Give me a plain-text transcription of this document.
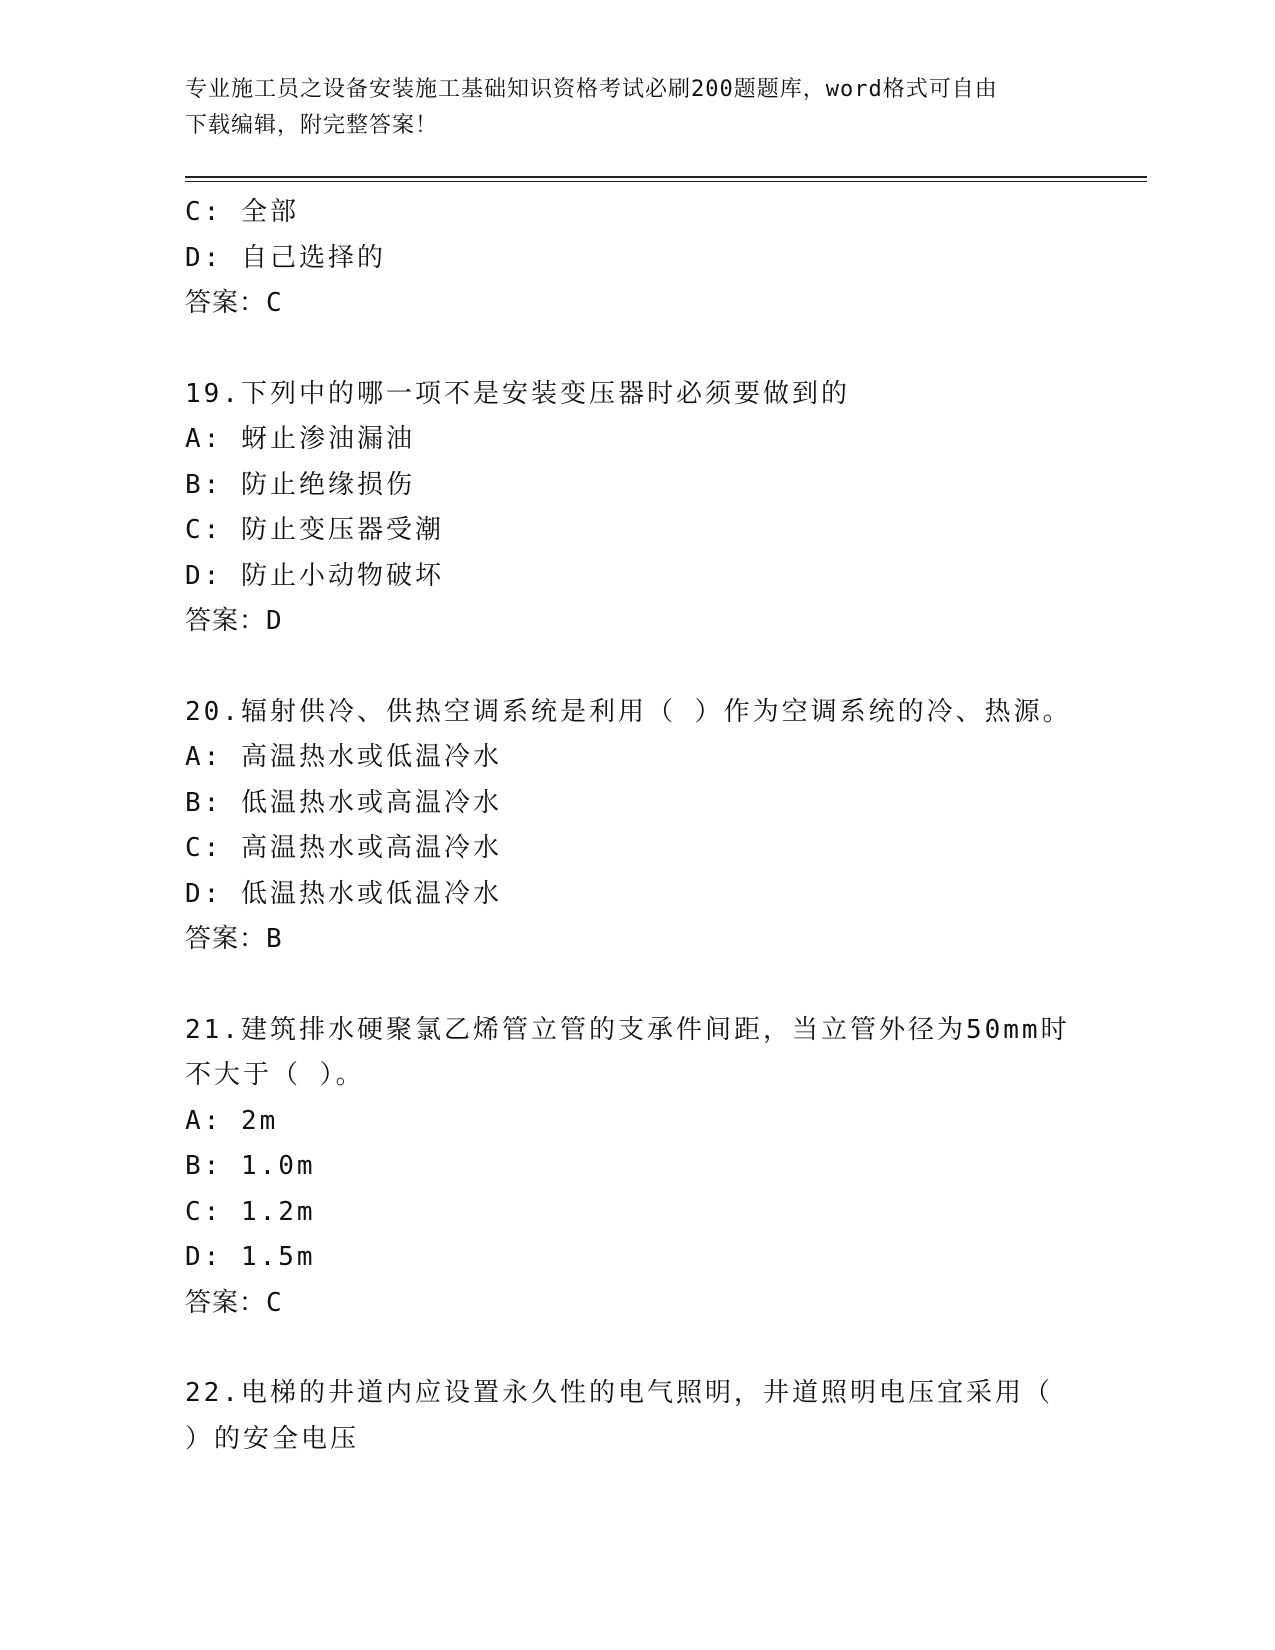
专业施工员之设备安装施工基础知识资格考试必刷200题题库，word格式可自由
下载编辑，附完整答案！
C: 全部
D: 自己选择的
答案：C
19.下列中的哪一项不是安装变压器时必须要做到的
A: 蚜止渗油漏油
B: 防止绝缘损伤
C: 防止变压器受潮
D: 防止小动物破坏
答案：D
20.辐射供冷、供热空调系统是利用（ ）作为空调系统的冷、热源。
A: 高温热水或低温冷水
B: 低温热水或高温冷水
C: 高温热水或高温冷水
D: 低温热水或低温冷水
答案：B
21.建筑排水硬聚氯乙烯管立管的支承件间距，当立管外径为50mm时
不大于（ ）。
A: 2m
B: 1.0m
C: 1.2m
D: 1.5m
答案：C
22.电梯的井道内应设置永久性的电气照明，井道照明电压宜采用（
）的安全电压
